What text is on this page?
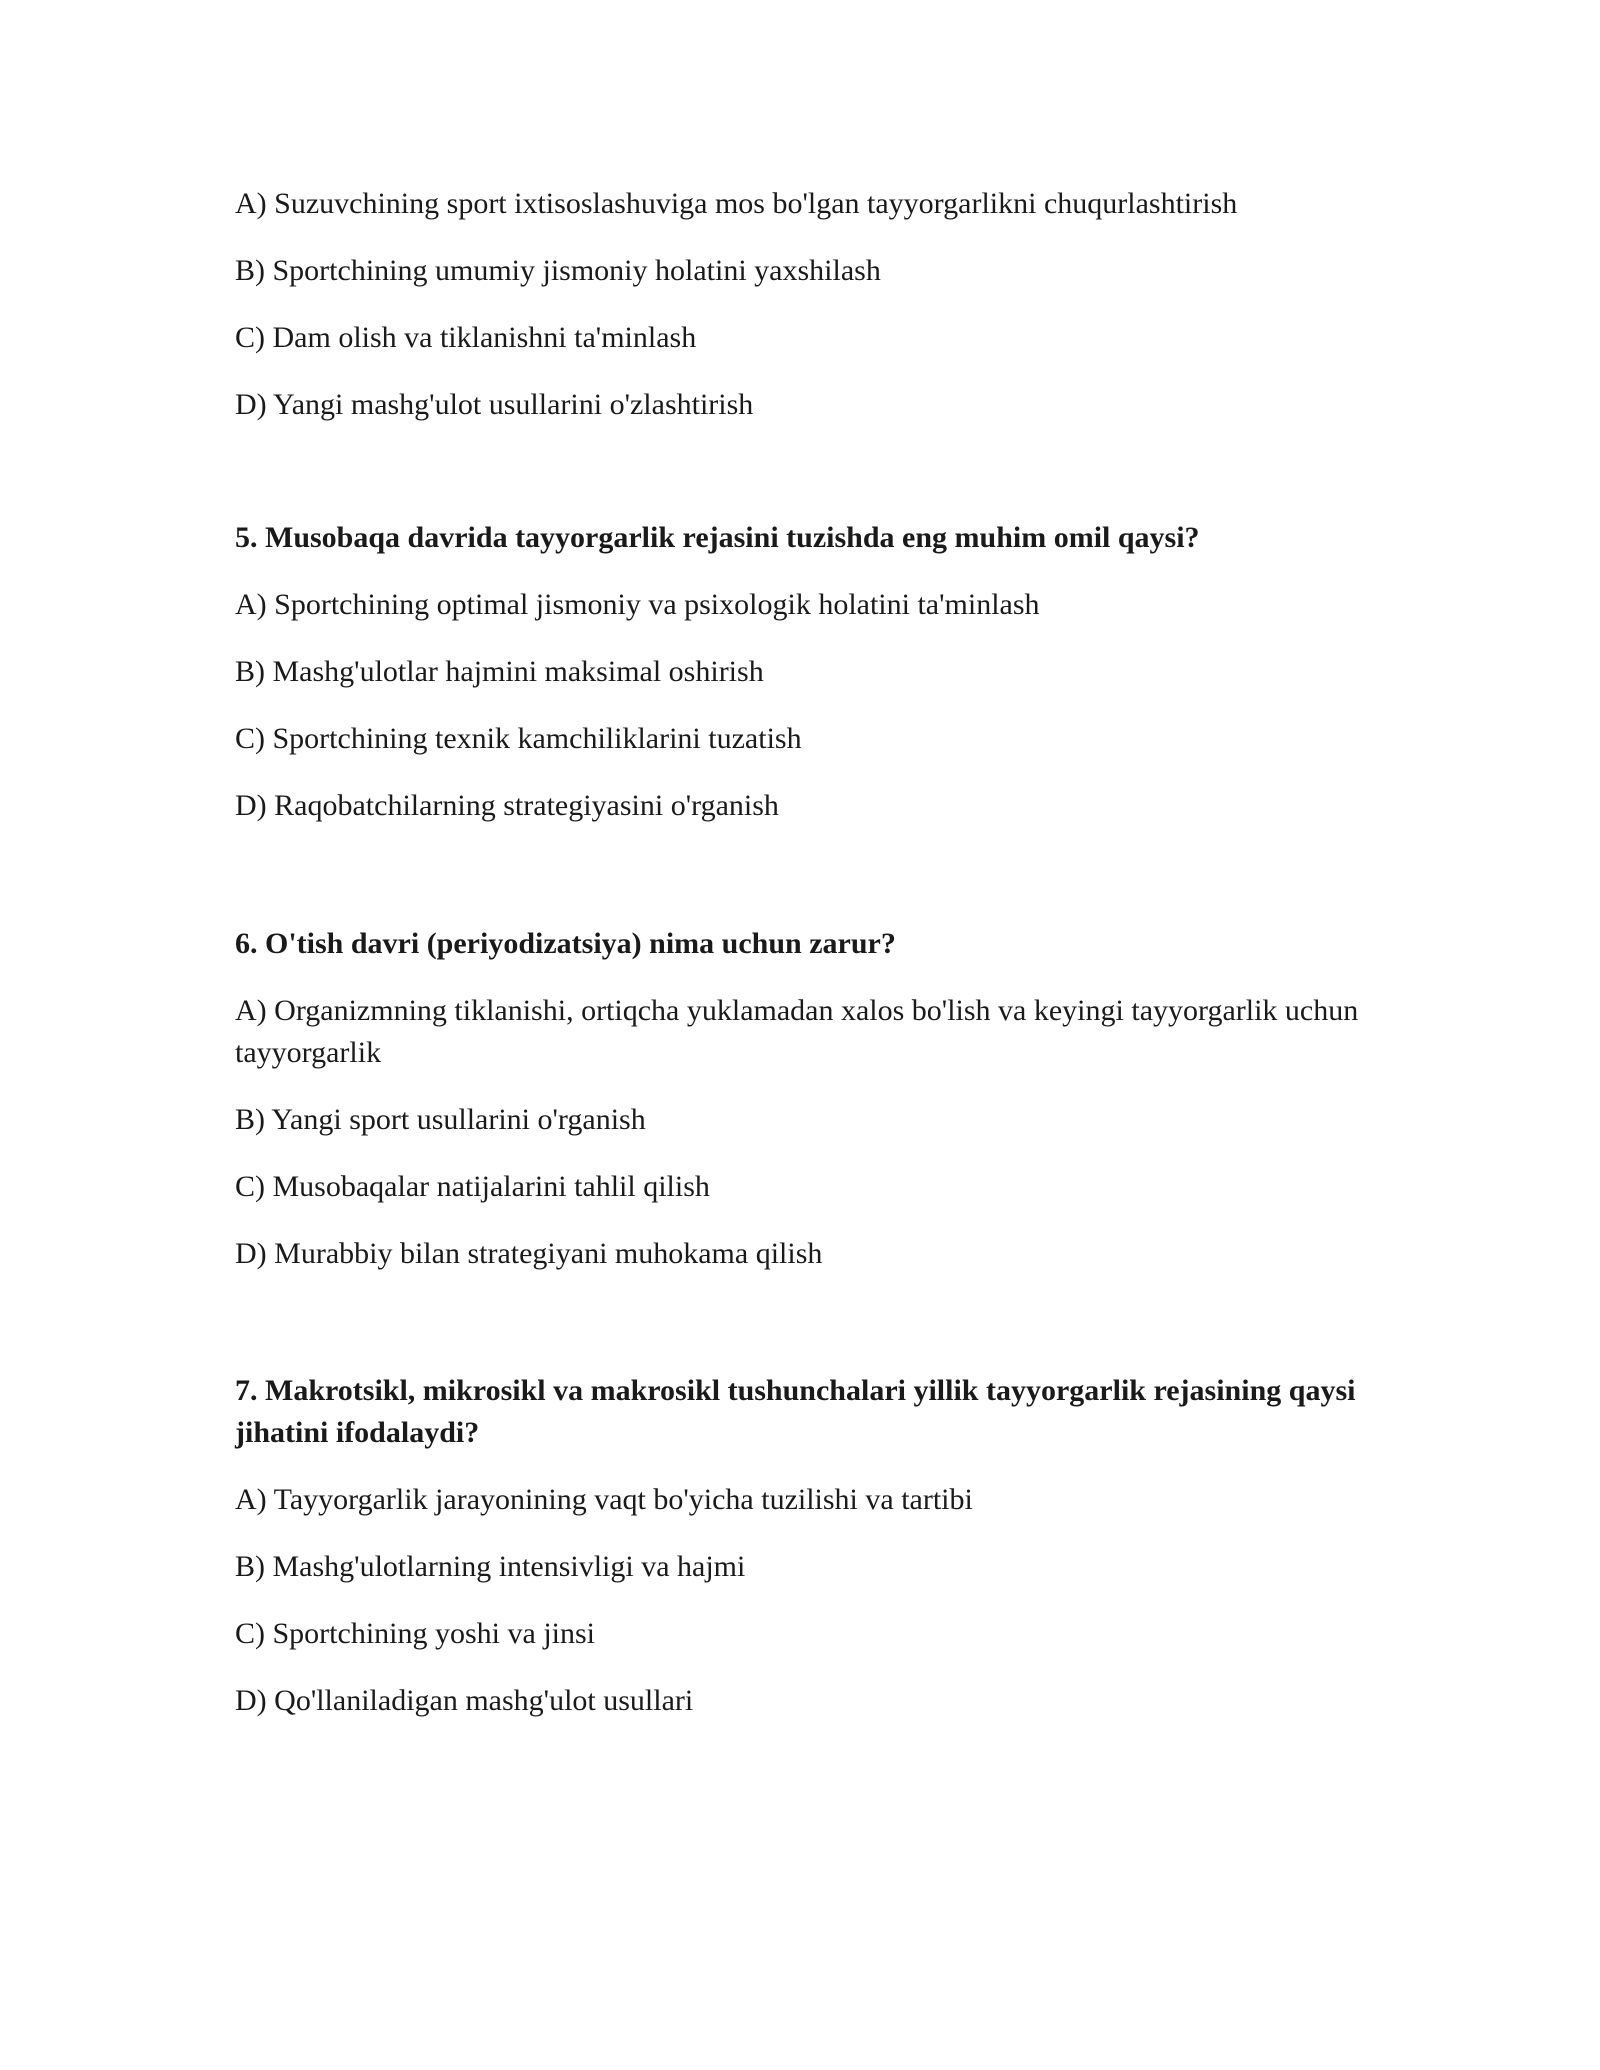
A) Suzuvchining sport ixtisoslashuviga mos bo'lgan tayyorgarlikni chuqurlashtirish

B) Sportchining umumiy jismoniy holatini yaxshilash

C) Dam olish va tiklanishni ta'minlash

D) Yangi mashg'ulot usullarini o'zlashtirish

5. Musobaqa davrida tayyorgarlik rejasini tuzishda eng muhim omil qaysi?

A) Sportchining optimal jismoniy va psixologik holatini ta'minlash

B) Mashg'ulotlar hajmini maksimal oshirish

C) Sportchining texnik kamchiliklarini tuzatish

D) Raqobatchilarning strategiyasini o'rganish

6. O'tish davri (periyodizatsiya) nima uchun zarur?

A) Organizmning tiklanishi, ortiqcha yuklamadan xalos bo'lish va keyingi tayyorgarlik uchun tayyorgarlik

B) Yangi sport usullarini o'rganish

C) Musobaqalar natijalarini tahlil qilish

D) Murabbiy bilan strategiyani muhokama qilish

7. Makrotsikl, mikrosikl va makrosikl tushunchalari yillik tayyorgarlik rejasining qaysi jihatini ifodalaydi?

A) Tayyorgarlik jarayonining vaqt bo'yicha tuzilishi va tartibi

B) Mashg'ulotlarning intensivligi va hajmi

C) Sportchining yoshi va jinsi

D) Qo'llaniladigan mashg'ulot usullari
